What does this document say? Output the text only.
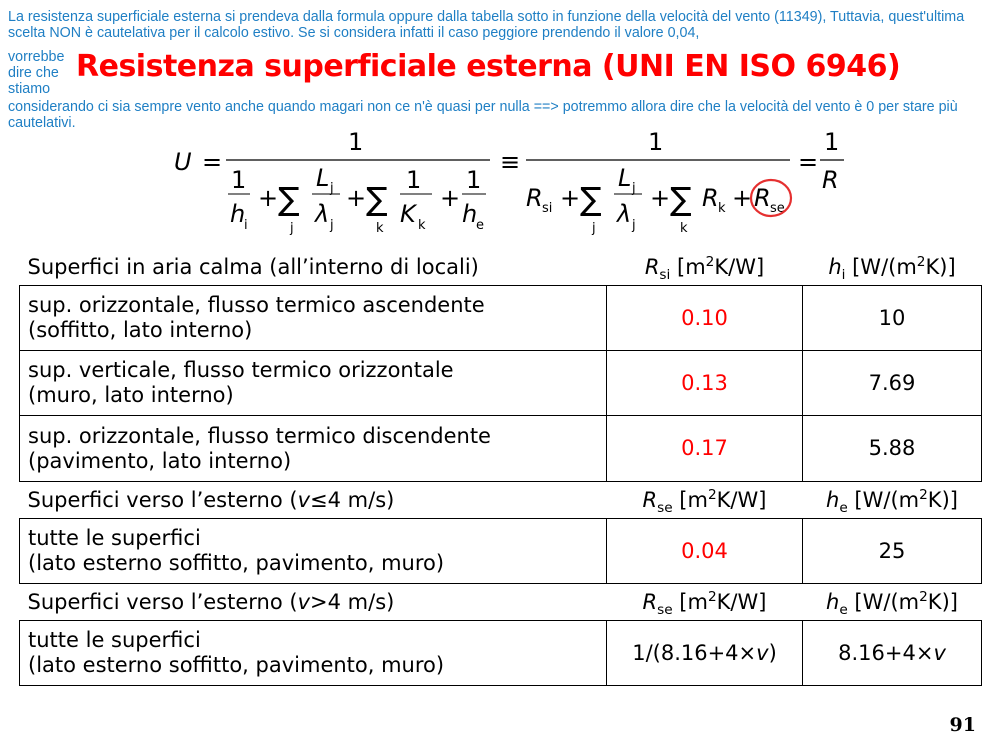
La resistenza superficiale esterna si prendeva dalla formula oppure dalla tabella sotto in funzione della velocità del vento (11349), Tuttavia, quest'ultima scelta NON è cautelativa per il calcolo estivo. Se si considera infatti il caso peggiore prendendo il valore 0,04,

vorrebbe dire che stiamo

Resistenza superficiale esterna (UNI EN ISO 6946)

considerando ci sia sempre vento anche quando magari non ce n'è quasi per nulla ==> potremmo allora dire che la velocità del vento è 0 per stare più cautelativi.

U =
1
1
h
i
+ ∑
j
L j
λ j
+ ∑
k
1
K k
+
1
h
e
≡
1
R si + ∑
j
L j
λ j
+ ∑
k
R k + R se
=
1
R
Superfici in aria calma (all’interno di locali)	$R_{si}$ $[m^2K/W]$	$h_i$ $[W/(m^2K)]$

sup. orizzontale, flusso termico ascendente
(soffitto, lato interno)	0.10	10

sup. verticale, flusso termico orizzontale
(muro, lato interno)	0.13	7.69

sup. orizzontale, flusso termico discendente
(pavimento, lato interno)	0.17	5.88
Superfici verso l’esterno (v≤4 m/s)	$R_{se}$ $[m^2K/W]$	$h_e$ $[W/(m^2K)]$

tutte le superfici
(lato esterno soffitto, pavimento, muro)	0.04	25
Superfici verso l’esterno (v>4 m/s)	$R_{se}$ $[m^2K/W]$	$h_e$ $[W/(m^2K)]$

tutte le superfici
(lato esterno soffitto, pavimento, muro)	1/(8.16+4×v)	8.16+4×v

91
